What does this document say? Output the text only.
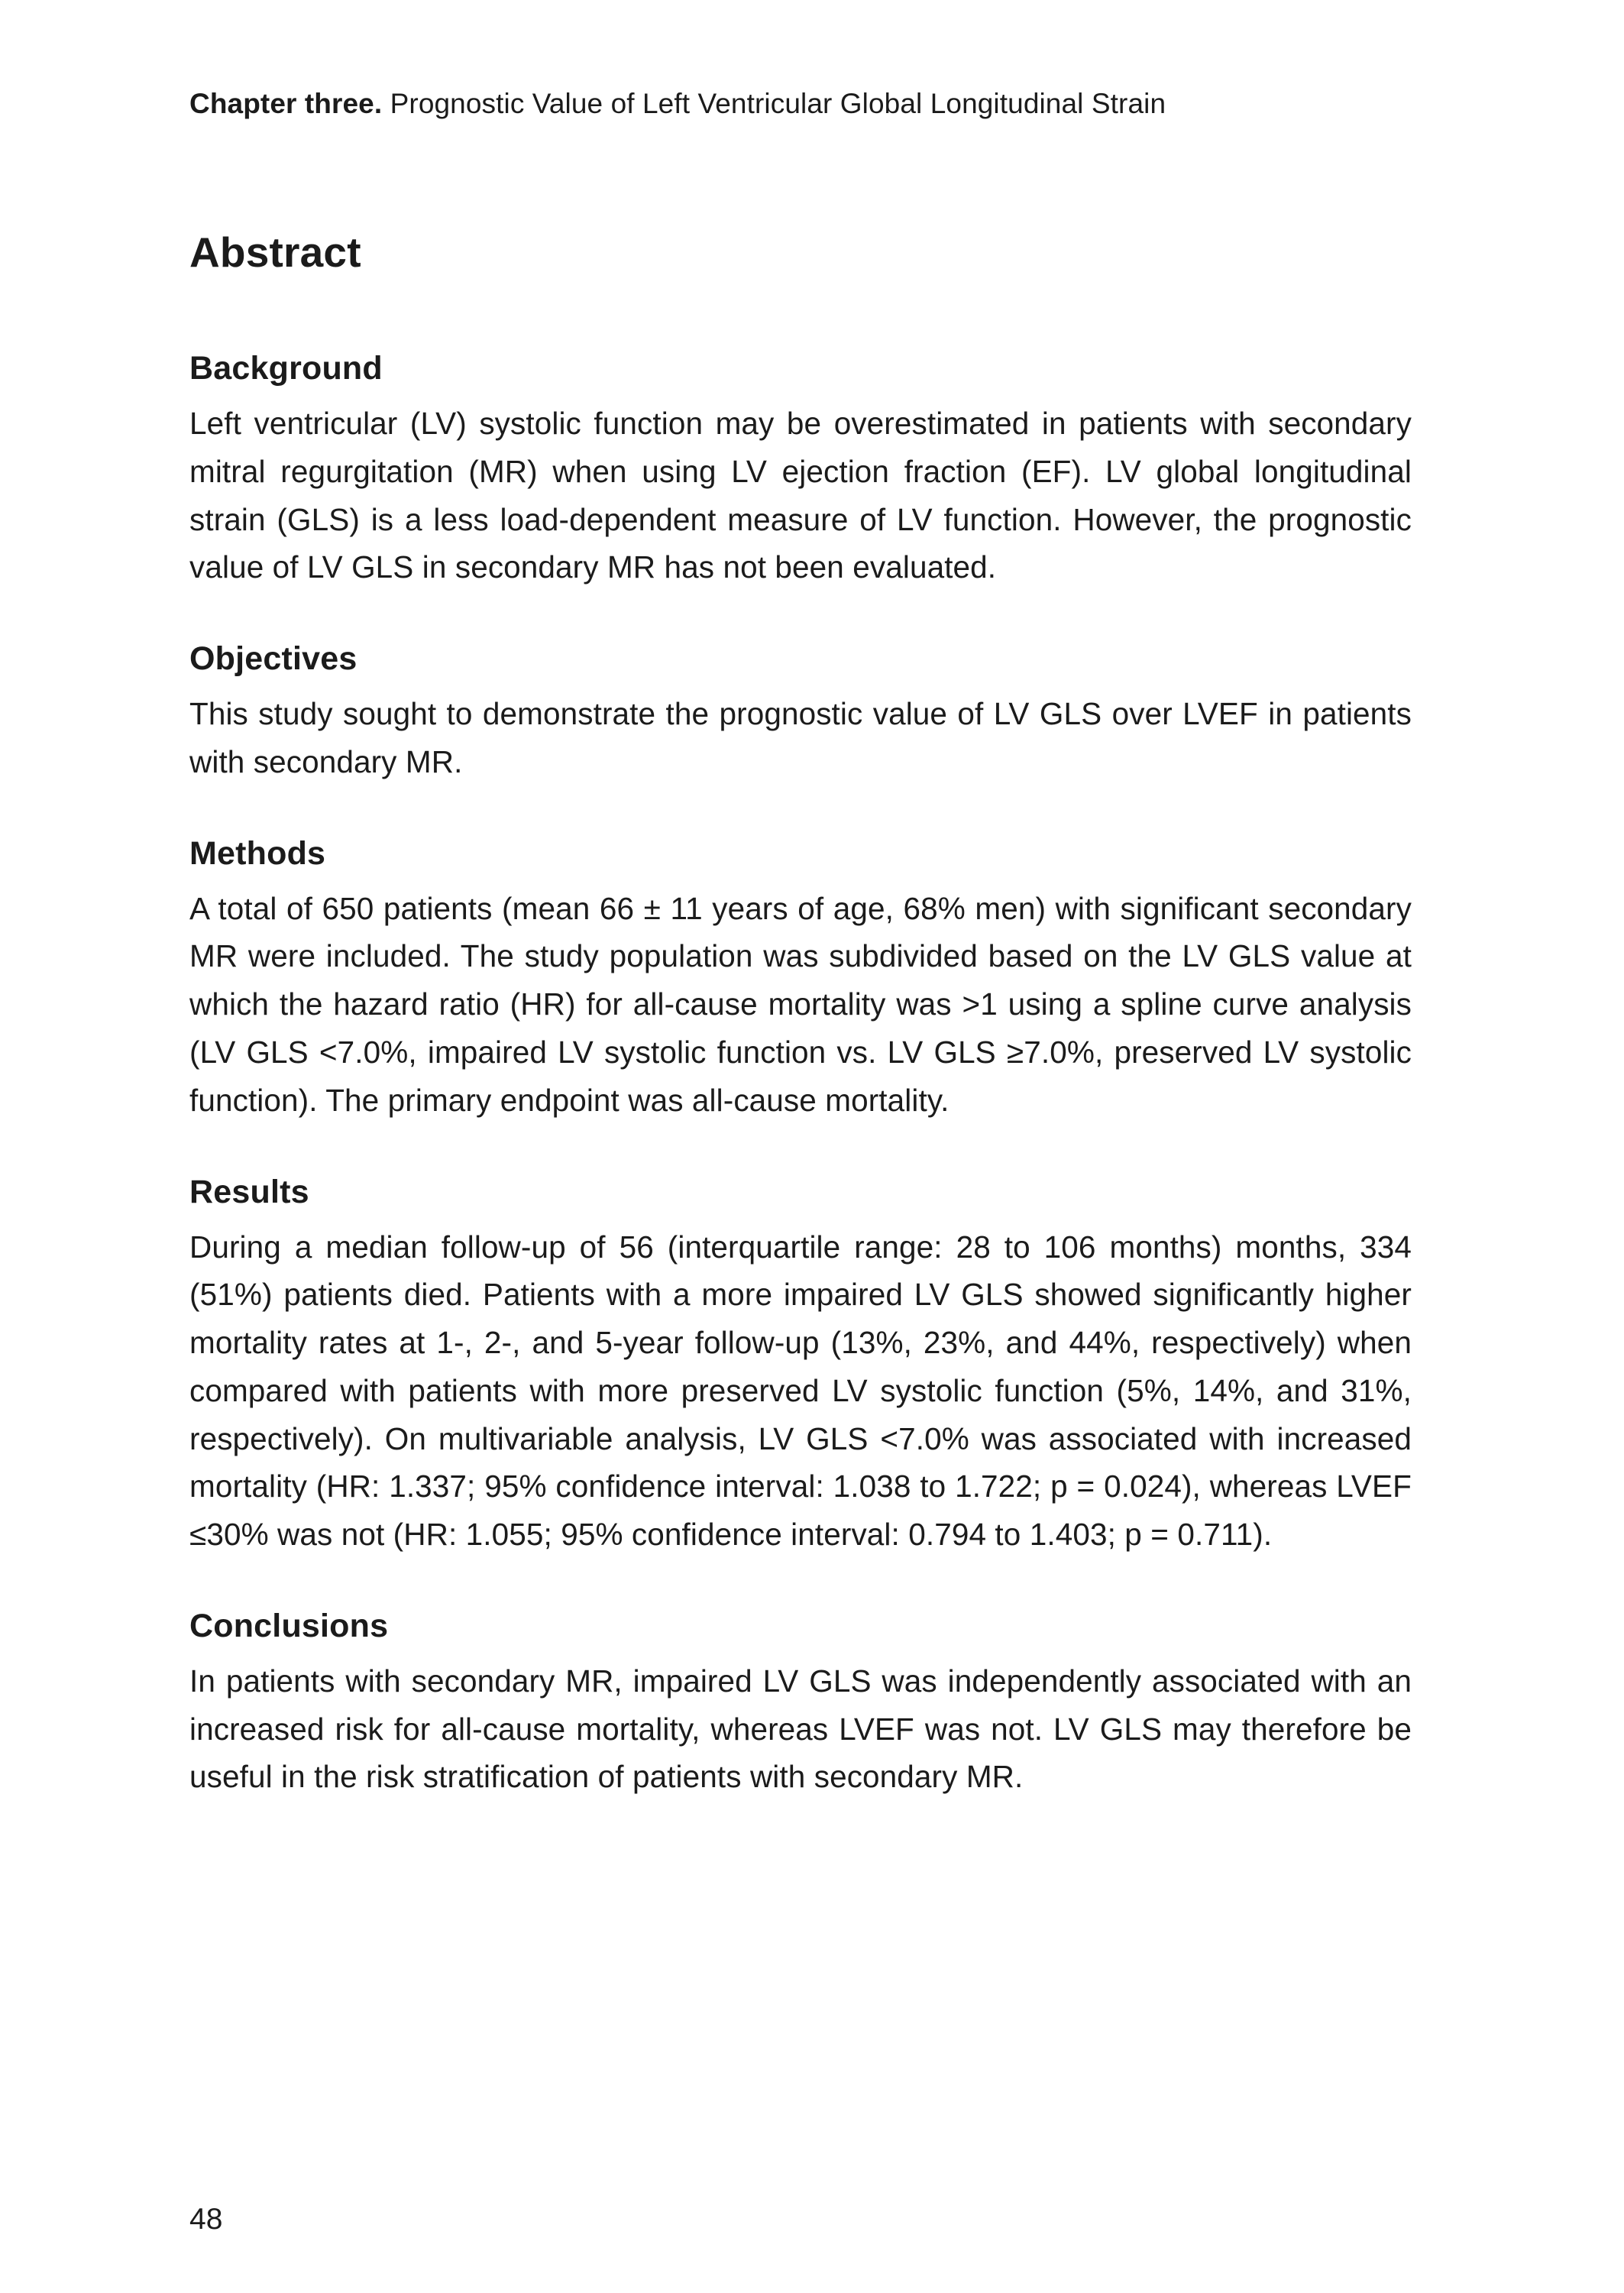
Chapter three. Prognostic Value of Left Ventricular Global Longitudinal Strain
Abstract
Background

Left ventricular (LV) systolic function may be overestimated in patients with secondary mitral regurgitation (MR) when using LV ejection fraction (EF). LV global longitudinal strain (GLS) is a less load-dependent measure of LV function. However, the prognostic value of LV GLS in secondary MR has not been evaluated.

Objectives

This study sought to demonstrate the prognostic value of LV GLS over LVEF in patients with secondary MR.

Methods

A total of 650 patients (mean 66 ± 11 years of age, 68% men) with significant secondary MR were included. The study population was subdivided based on the LV GLS value at which the hazard ratio (HR) for all-cause mortality was >1 using a spline curve analysis (LV GLS <7.0%, impaired LV systolic function vs. LV GLS ≥7.0%, preserved LV systolic function). The primary endpoint was all-cause mortality.

Results

During a median follow-up of 56 (interquartile range: 28 to 106 months) months, 334 (51%) patients died. Patients with a more impaired LV GLS showed significantly higher mortality rates at 1-, 2-, and 5-year follow-up (13%, 23%, and 44%, respectively) when compared with patients with more preserved LV systolic function (5%, 14%, and 31%, respectively). On multivariable analysis, LV GLS <7.0% was associated with increased mortality (HR: 1.337; 95% confidence interval: 1.038 to 1.722; p = 0.024), whereas LVEF ≤30% was not (HR: 1.055; 95% confidence interval: 0.794 to 1.403; p = 0.711).

Conclusions

In patients with secondary MR, impaired LV GLS was independently associated with an increased risk for all-cause mortality, whereas LVEF was not. LV GLS may therefore be useful in the risk stratification of patients with secondary MR.

48
